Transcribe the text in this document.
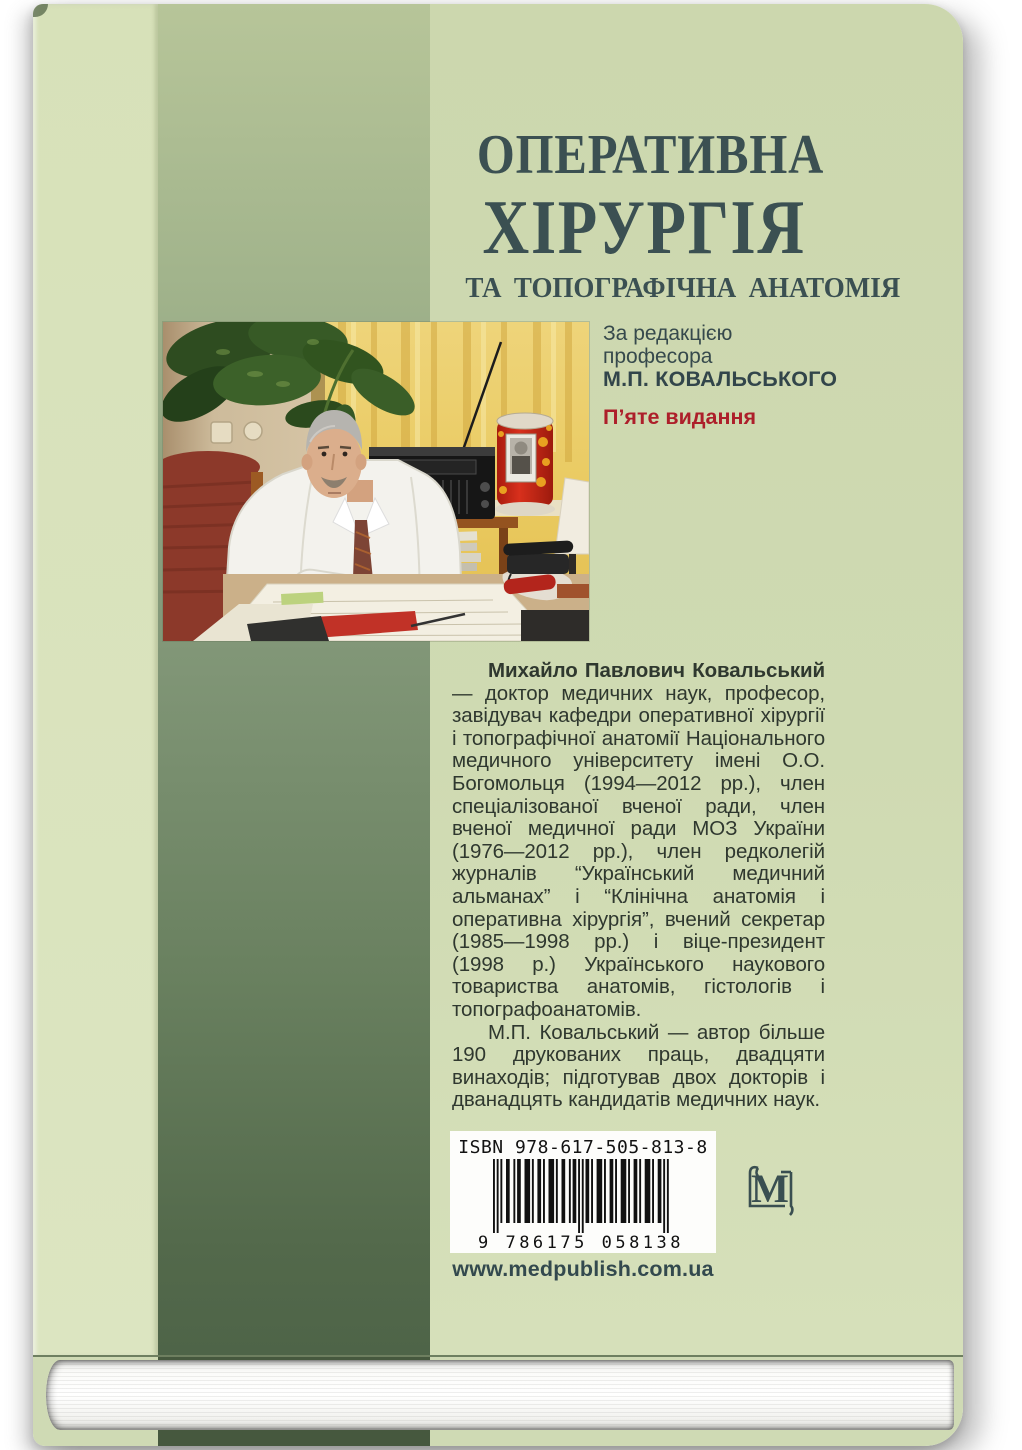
ОПЕРАТИВНА
ХІРУРГІЯ
ТА ТОПОГРАФІЧНА АНАТОМІЯ
За редакцією
професора
М.П. КОВАЛЬСЬКОГО
П’яте видання

Михайло Павлович Ковальський — доктор медичних наук, професор, завідувач кафедри оперативної хірургії і топографічної анатомії Національного медичного університету імені О.О. Богомольця (1994—2012 рр.), член спеціалізованої вченої ради, член вченої медичної ради МОЗ України (1976—2012 рр.), член редколегій журналів “Український медичний альманах” і “Клінічна анатомія і оперативна хірургія”, вчений секретар (1985—1998 рр.) і віце-президент (1998 р.) Українського наукового товариства анатомів, гістологів і топографоанатомів.

М.П. Ковальський — автор більше 190 друкованих праць, двадцяти винаходів; підготував двох докторів і дванадцять кандидатів медичних наук.

ISBN 978-617-505-813-8
9 786175 058138
М
www.medpublish.com.ua
